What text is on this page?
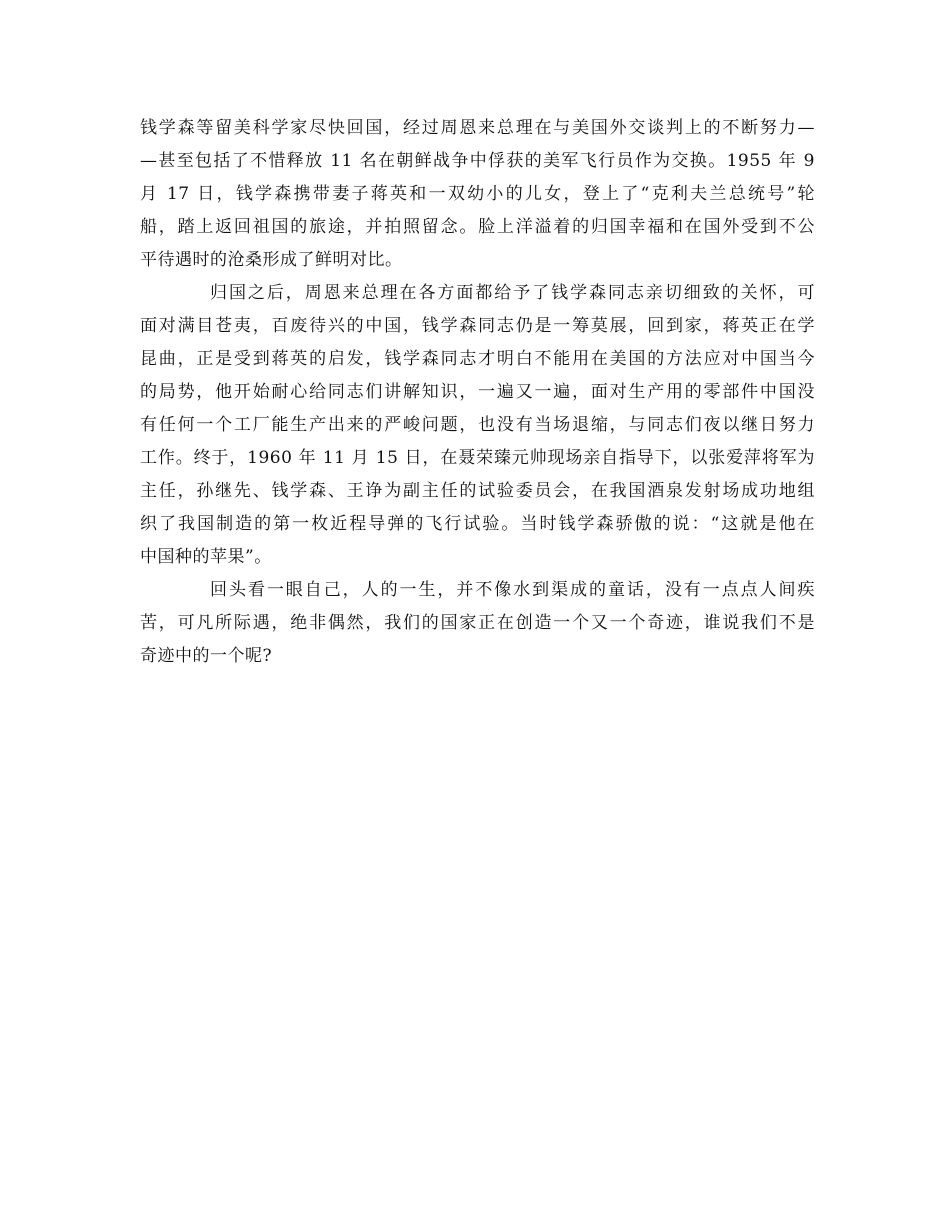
钱学森等留美科学家尽快回国，经过周恩来总理在与美国外交谈判上的不断努力—
—甚至包括了不惜释放 11 名在朝鲜战争中俘获的美军飞行员作为交换。1955 年 9
月 17 日，钱学森携带妻子蒋英和一双幼小的儿女，登上了“克利夫兰总统号”轮
船，踏上返回祖国的旅途，并拍照留念。脸上洋溢着的归国幸福和在国外受到不公
平待遇时的沧桑形成了鲜明对比。
归国之后，周恩来总理在各方面都给予了钱学森同志亲切细致的关怀，可
面对满目苍夷，百废待兴的中国，钱学森同志仍是一筹莫展，回到家，蒋英正在学
昆曲，正是受到蒋英的启发，钱学森同志才明白不能用在美国的方法应对中国当今
的局势，他开始耐心给同志们讲解知识，一遍又一遍，面对生产用的零部件中国没
有任何一个工厂能生产出来的严峻问题，也没有当场退缩，与同志们夜以继日努力
工作。终于，1960 年 11 月 15 日，在聂荣臻元帅现场亲自指导下，以张爱萍将军为
主任，孙继先、钱学森、王诤为副主任的试验委员会，在我国酒泉发射场成功地组
织了我国制造的第一枚近程导弹的飞行试验。当时钱学森骄傲的说：“这就是他在
中国种的苹果”。
回头看一眼自己，人的一生，并不像水到渠成的童话，没有一点点人间疾
苦，可凡所际遇，绝非偶然，我们的国家正在创造一个又一个奇迹，谁说我们不是
奇迹中的一个呢?
